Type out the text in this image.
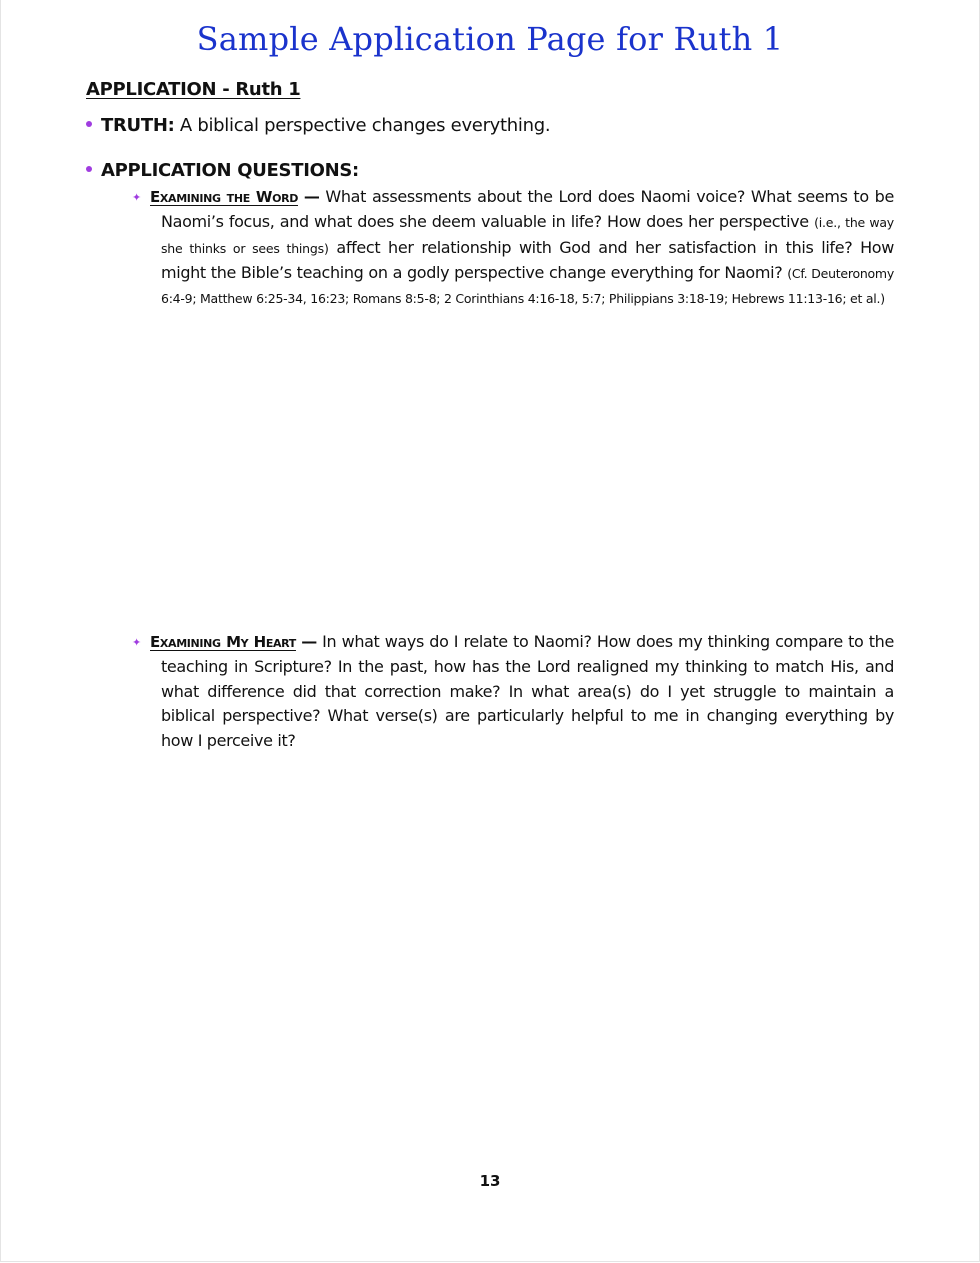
Sample Application Page for Ruth 1
APPLICATION - Ruth 1
TRUTH: A biblical perspective changes everything.
APPLICATION QUESTIONS:
✦ Examining the Word — What assessments about the Lord does Naomi voice? What seems to be Naomi’s focus, and what does she deem valuable in life? How does her perspective (i.e., the way she thinks or sees things) affect her relationship with God and her satisfaction in this life? How might the Bible’s teaching on a godly perspective change everything for Naomi? (Cf. Deuteronomy 6:4-9; Matthew 6:25-34, 16:23; Romans 8:5-8; 2 Corinthians 4:16-18, 5:7; Philippians 3:18-19; Hebrews 11:13-16; et al.)
✦ Examining My Heart — In what ways do I relate to Naomi? How does my thinking compare to the teaching in Scripture? In the past, how has the Lord realigned my thinking to match His, and what difference did that correction make? In what area(s) do I yet struggle to maintain a biblical perspective? What verse(s) are particularly helpful to me in changing everything by how I perceive it?
13
